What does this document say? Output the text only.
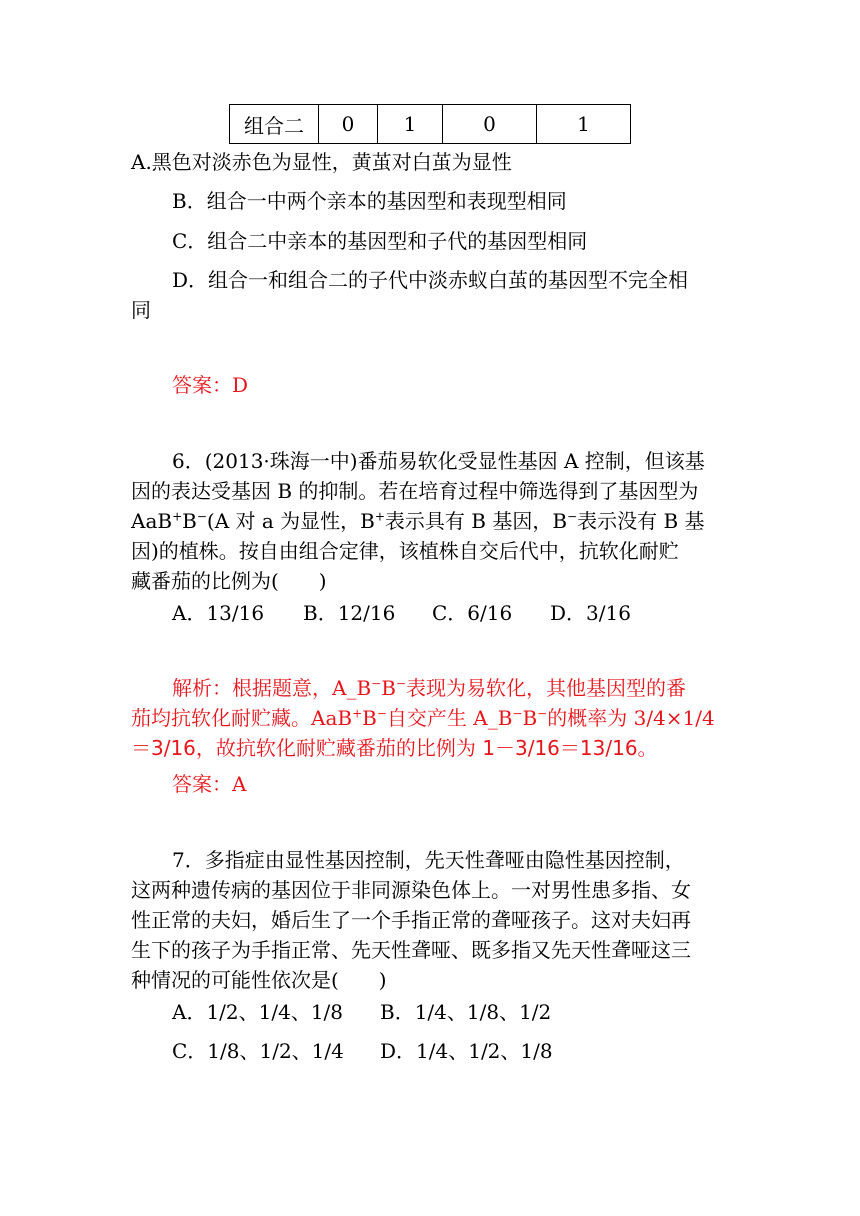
组合二	0	1	0	1
A.黑色对淡赤色为显性，黄茧对白茧为显性
B．组合一中两个亲本的基因型和表现型相同
C．组合二中亲本的基因型和子代的基因型相同
D．组合一和组合二的子代中淡赤蚁白茧的基因型不完全相
同
答案：D
6．(2013·珠海一中)番茄易软化受显性基因 A 控制，但该基
因的表达受基因 B 的抑制。若在培育过程中筛选得到了基因型为
AaB+B−(A 对 a 为显性，B+表示具有 B 基因，B−表示没有 B 基
因)的植株。按自由组合定律，该植株自交后代中，抗软化耐贮
藏番茄的比例为(　　)
A．13/16 B．12/16 C．6/16 D．3/16
解析：根据题意，A_B−B−表现为易软化，其他基因型的番
茄均抗软化耐贮藏。AaB+B−自交产生 A_B−B−的概率为 3/4×1/4
＝3/16，故抗软化耐贮藏番茄的比例为 1－3/16＝13/16。
答案：A
7．多指症由显性基因控制，先天性聋哑由隐性基因控制，
这两种遗传病的基因位于非同源染色体上。一对男性患多指、女
性正常的夫妇，婚后生了一个手指正常的聋哑孩子。这对夫妇再
生下的孩子为手指正常、先天性聋哑、既多指又先天性聋哑这三
种情况的可能性依次是(　　)
A．1/2、1/4、1/8 B．1/4、1/8、1/2
C．1/8、1/2、1/4 D．1/4、1/2、1/8
